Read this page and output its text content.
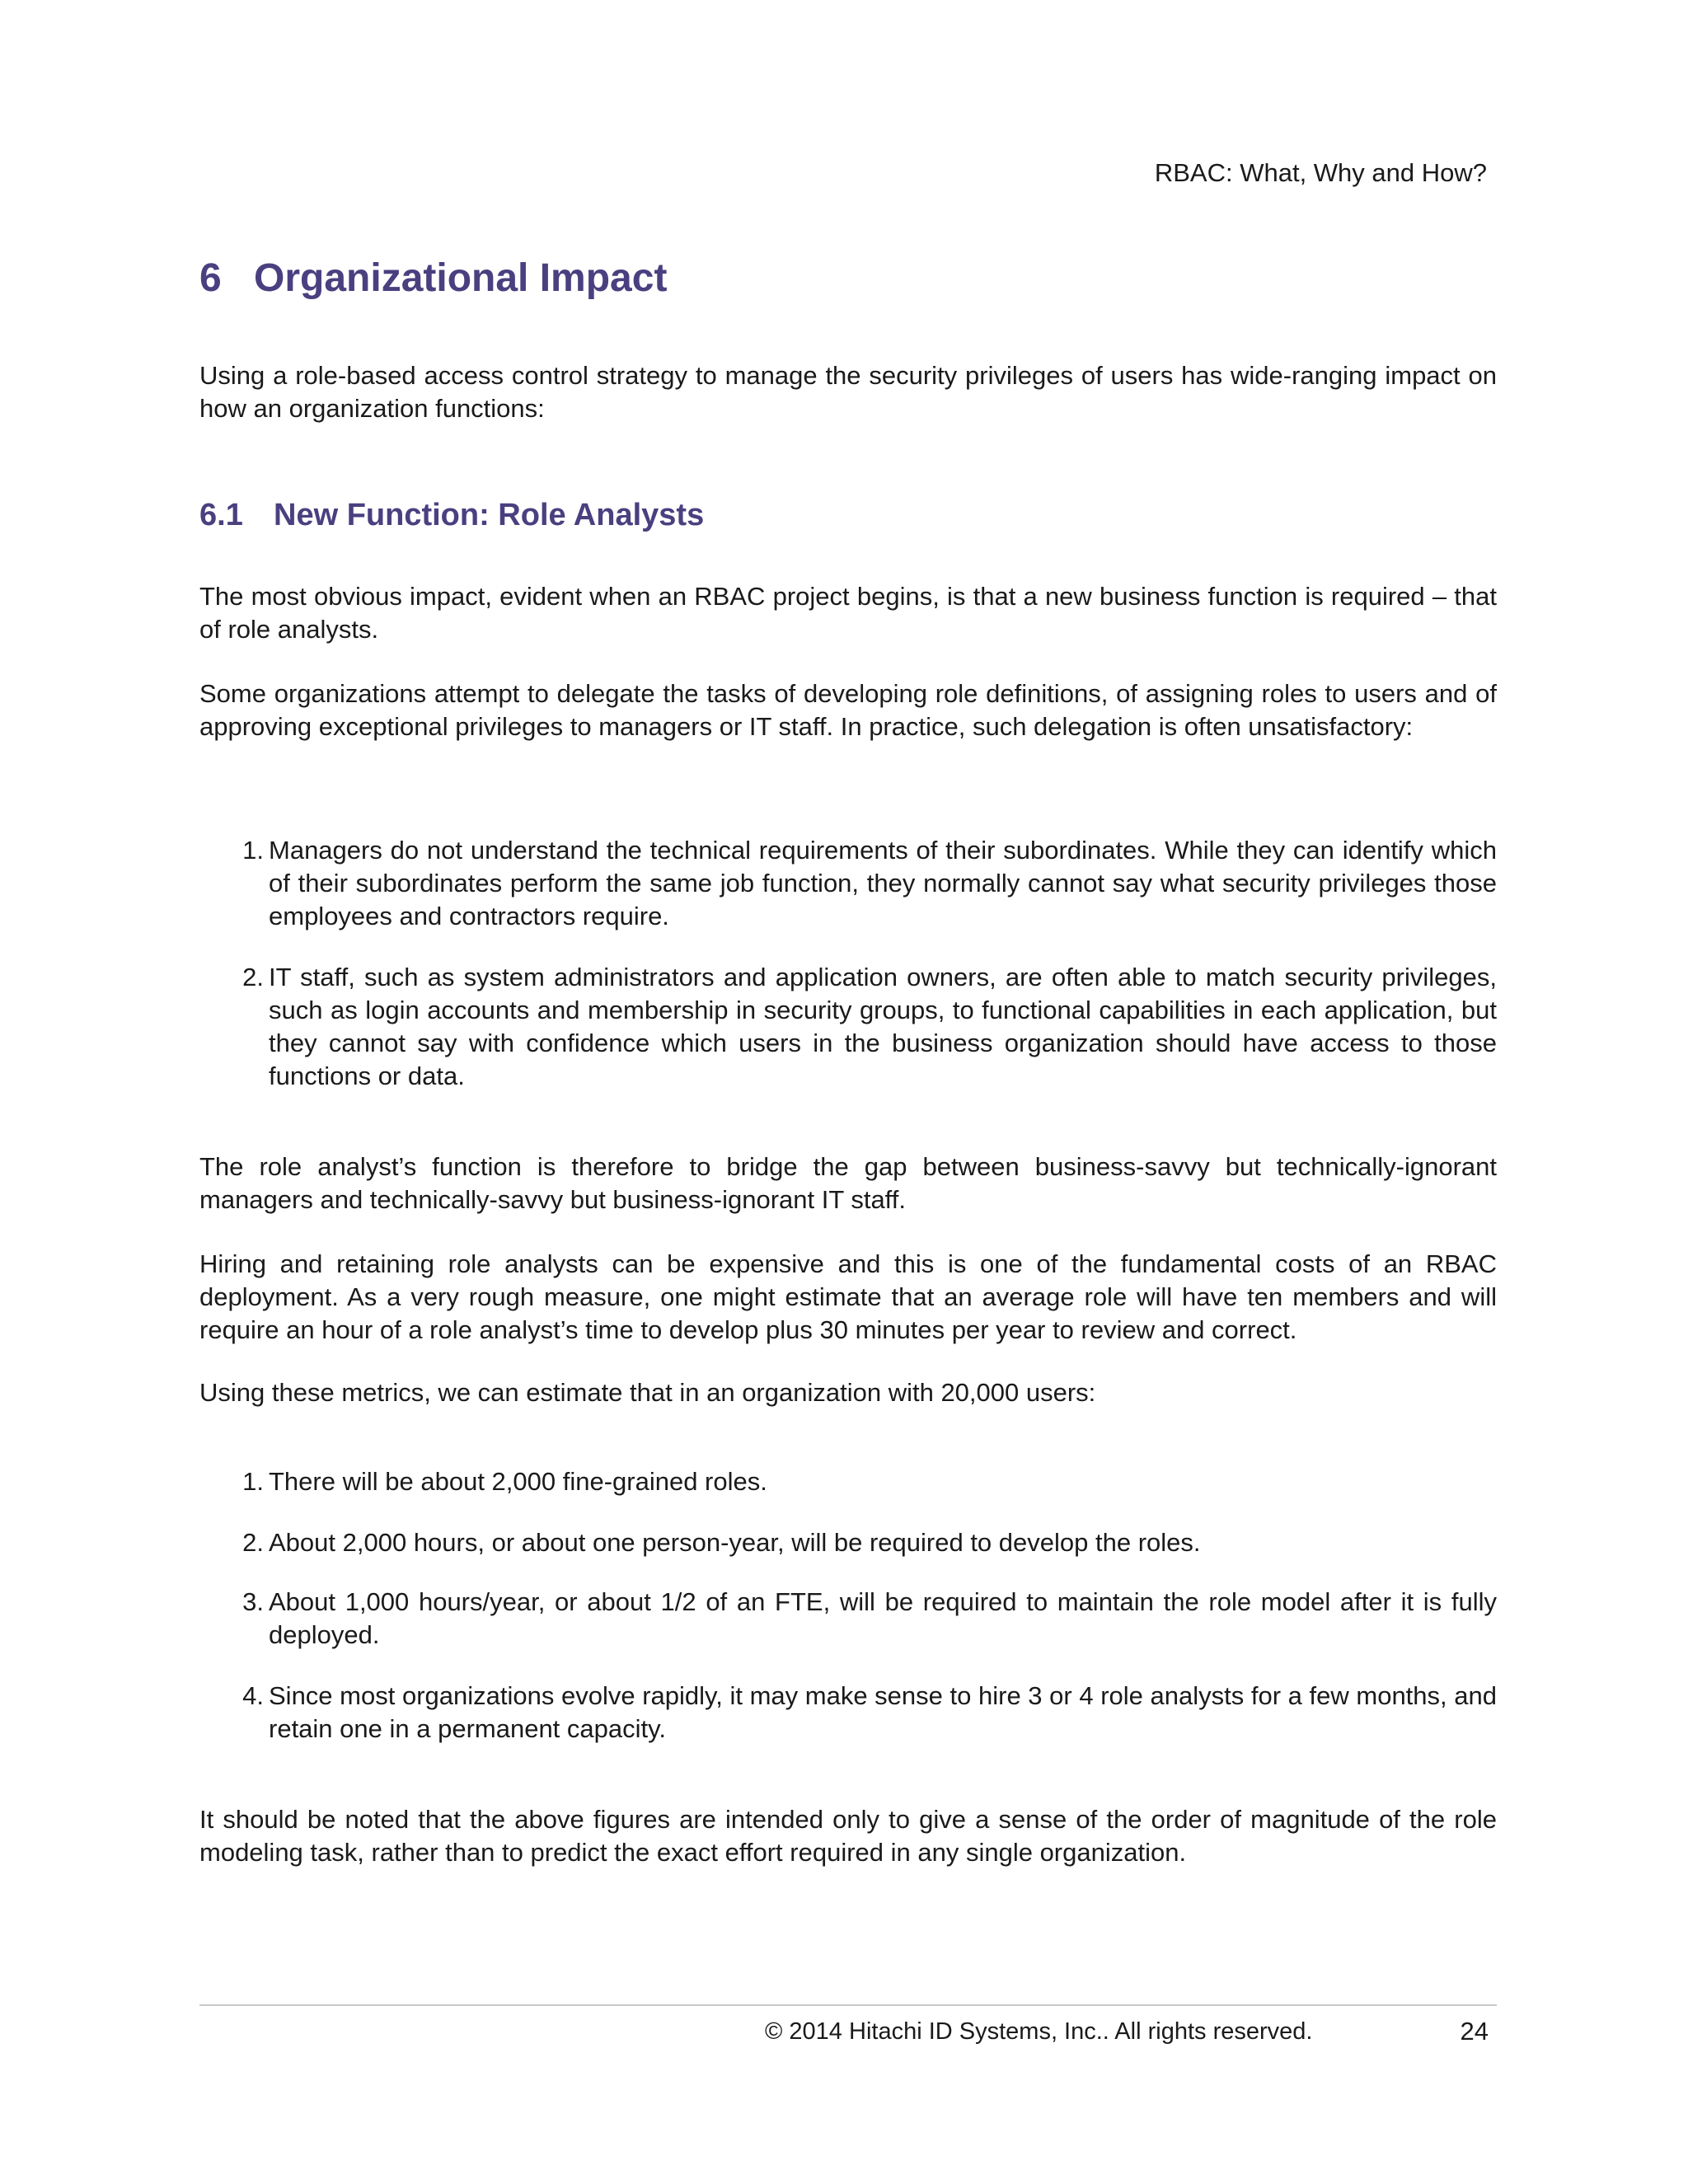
RBAC: What, Why and How?
6 Organizational Impact

Using a role-based access control strategy to manage the security privileges of users has wide-ranging impact on how an organization functions:

6.1 New Function: Role Analysts

The most obvious impact, evident when an RBAC project begins, is that a new business function is required – that of role analysts.

Some organizations attempt to delegate the tasks of developing role definitions, of assigning roles to users and of approving exceptional privileges to managers or IT staff. In practice, such delegation is often unsatisfactory:

1. Managers do not understand the technical requirements of their subordinates. While they can identify which of their subordinates perform the same job function, they normally cannot say what security privileges those employees and contractors require.
2. IT staff, such as system administrators and application owners, are often able to match security privileges, such as login accounts and membership in security groups, to functional capabilities in each application, but they cannot say with confidence which users in the business organization should have access to those functions or data.

The role analyst’s function is therefore to bridge the gap between business-savvy but technically-ignorant managers and technically-savvy but business-ignorant IT staff.

Hiring and retaining role analysts can be expensive and this is one of the fundamental costs of an RBAC deployment. As a very rough measure, one might estimate that an average role will have ten members and will require an hour of a role analyst’s time to develop plus 30 minutes per year to review and correct.

Using these metrics, we can estimate that in an organization with 20,000 users:

1. There will be about 2,000 fine-grained roles.
2. About 2,000 hours, or about one person-year, will be required to develop the roles.
3. About 1,000 hours/year, or about 1/2 of an FTE, will be required to maintain the role model after it is fully deployed.
4. Since most organizations evolve rapidly, it may make sense to hire 3 or 4 role analysts for a few months, and retain one in a permanent capacity.

It should be noted that the above figures are intended only to give a sense of the order of magnitude of the role modeling task, rather than to predict the exact effort required in any single organization.

© 2014 Hitachi ID Systems, Inc.. All rights reserved.	24
